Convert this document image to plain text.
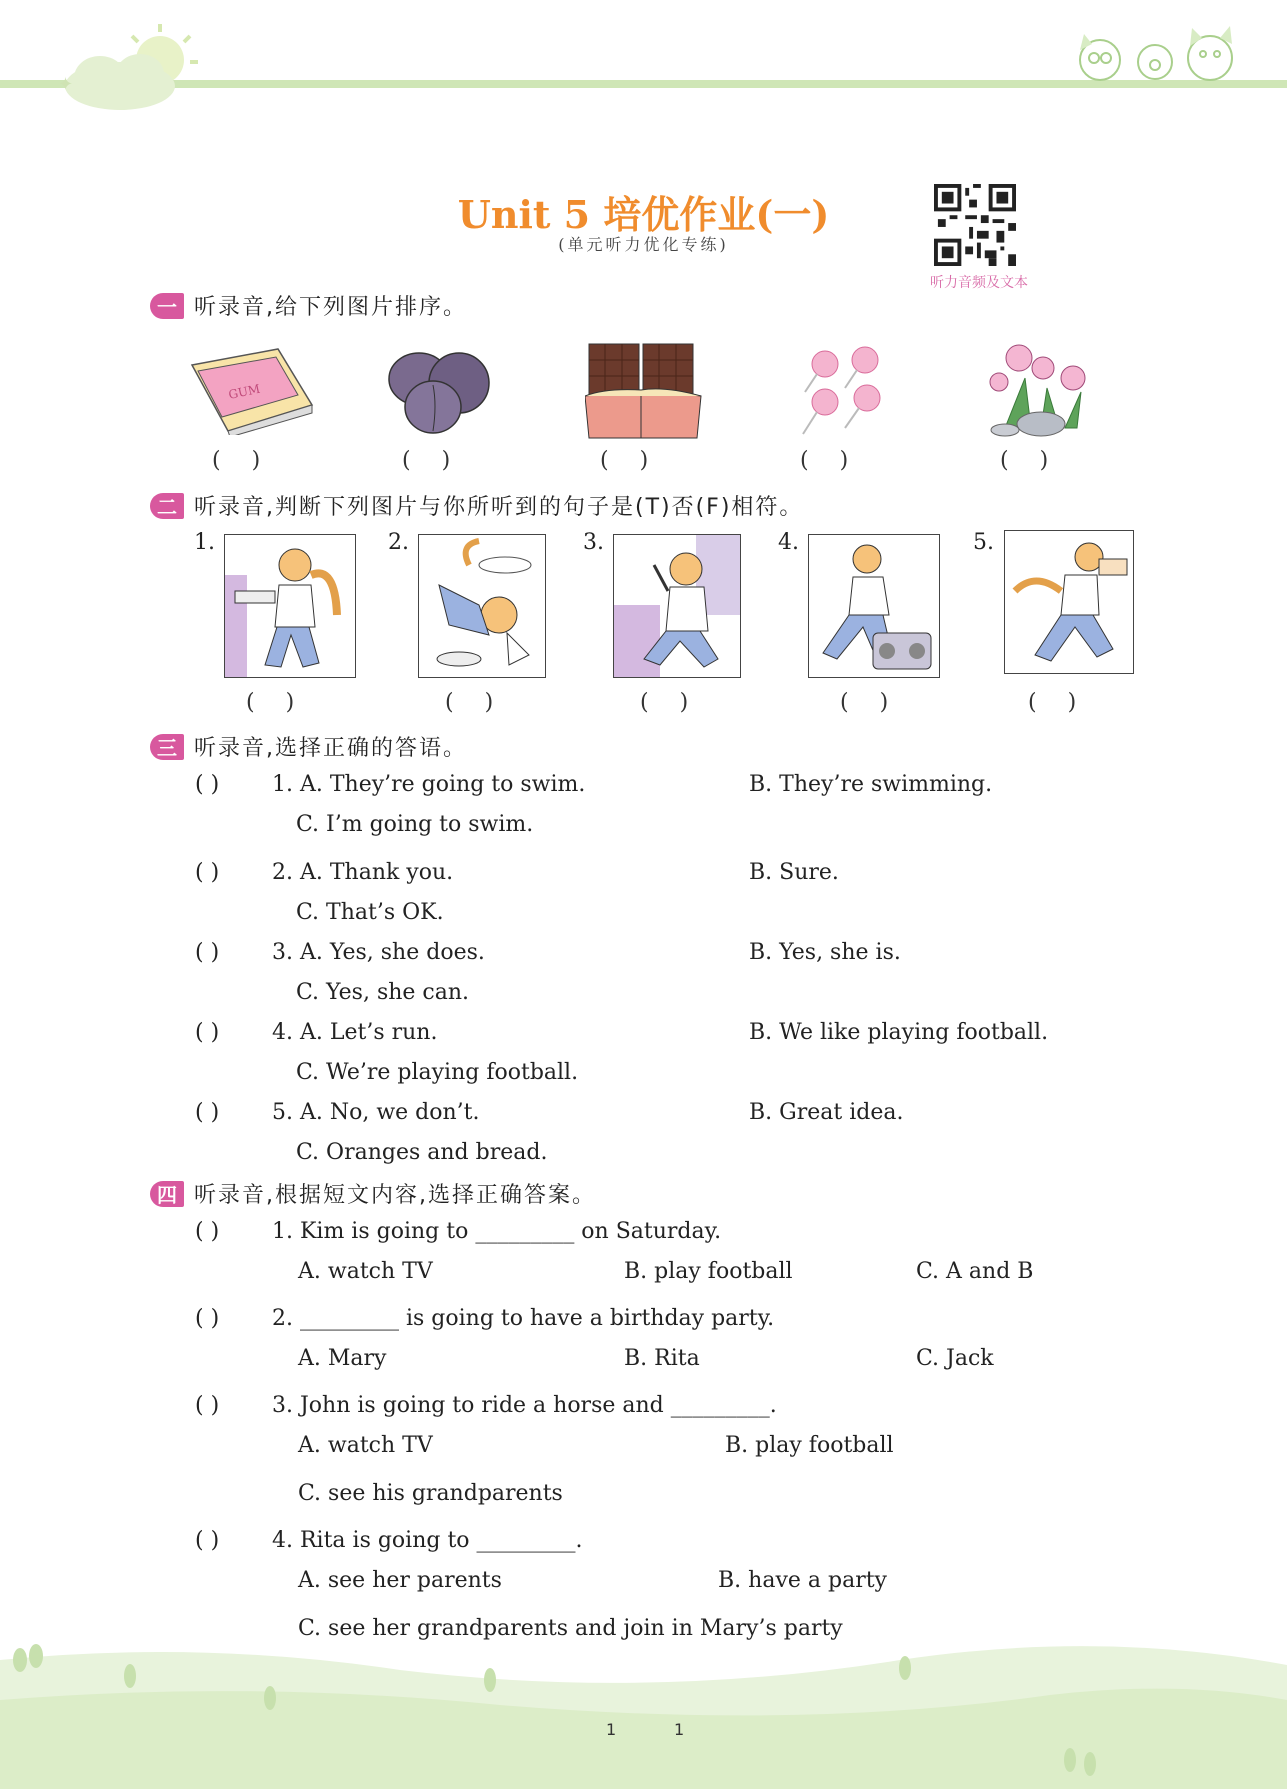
✦
Unit 5 培优作业(一)
(单元听力优化专练)
听力音频及文本
一 听录音,给下列图片排序。
GUM
( )	( )	( )	( )	( )
二 听录音,判断下列图片与你所听到的句子是(T)否(F)相符。
1.	2.	3.	4.	5.
( )	( )	( )	( )	( )
三 听录音,选择正确的答语。
( ) 1. A. They’re going to swim.	B. They’re swimming.
C. I’m going to swim.
( ) 2. A. Thank you.	B. Sure.
C. That’s OK.
( ) 3. A. Yes, she does.	B. Yes, she is.
C. Yes, she can.
( ) 4. A. Let’s run.	B. We like playing football.
C. We’re playing football.
( ) 5. A. No, we don’t.	B. Great idea.
C. Oranges and bread.
四 听录音,根据短文内容,选择正确答案。
( ) 1. Kim is going to _________ on Saturday.
A. watch TV	B. play football	C. A and B
( ) 2. _________ is going to have a birthday party.
A. Mary	B. Rita	C. Jack
( ) 3. John is going to ride a horse and _________.
A. watch TV	B. play football
C. see his grandparents
( ) 4. Rita is going to _________.
A. see her parents	B. have a party
C. see her grandparents and join in Mary’s party
1	1
